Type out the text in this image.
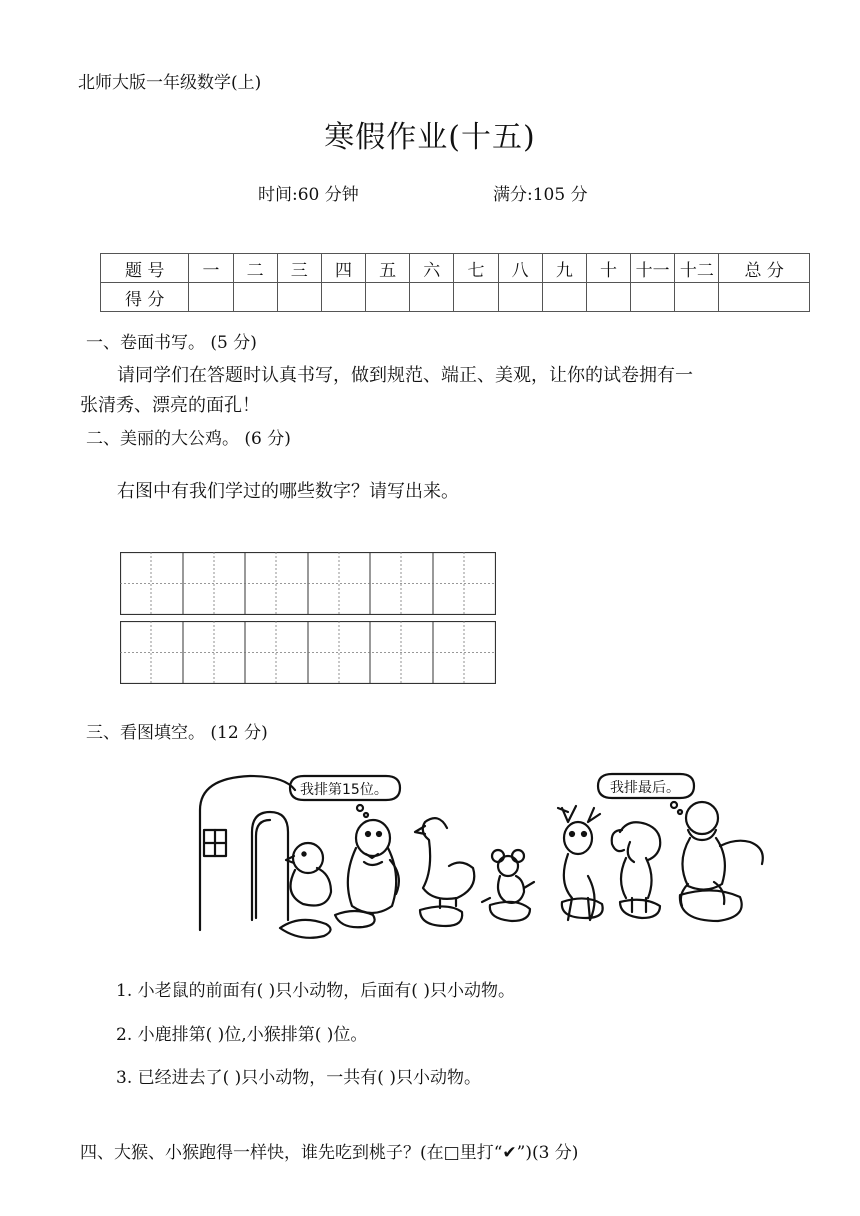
北师大版一年级数学(上)
寒假作业(十五)
时间:60 分钟	满分:105 分
题 号	一	二	三	四	五	六	七	八	九	十	十一	十二	总 分
得 分													
一、卷面书写。 (5 分)
请同学们在答题时认真书写，做到规范、端正、美观，让你的试卷拥有一
张清秀、漂亮的面孔！
二、美丽的大公鸡。 (6 分)
右图中有我们学过的哪些数字？请写出来。
三、看图填空。 (12 分)
我排第15位。	我排最后。
1. 小老鼠的前面有( )只小动物，后面有( )只小动物。
2. 小鹿排第( )位,小猴排第( )位。
3. 已经进去了( )只小动物，一共有( )只小动物。
四、大猴、小猴跑得一样快，谁先吃到桃子？(在□里打“✔”)(3 分)
